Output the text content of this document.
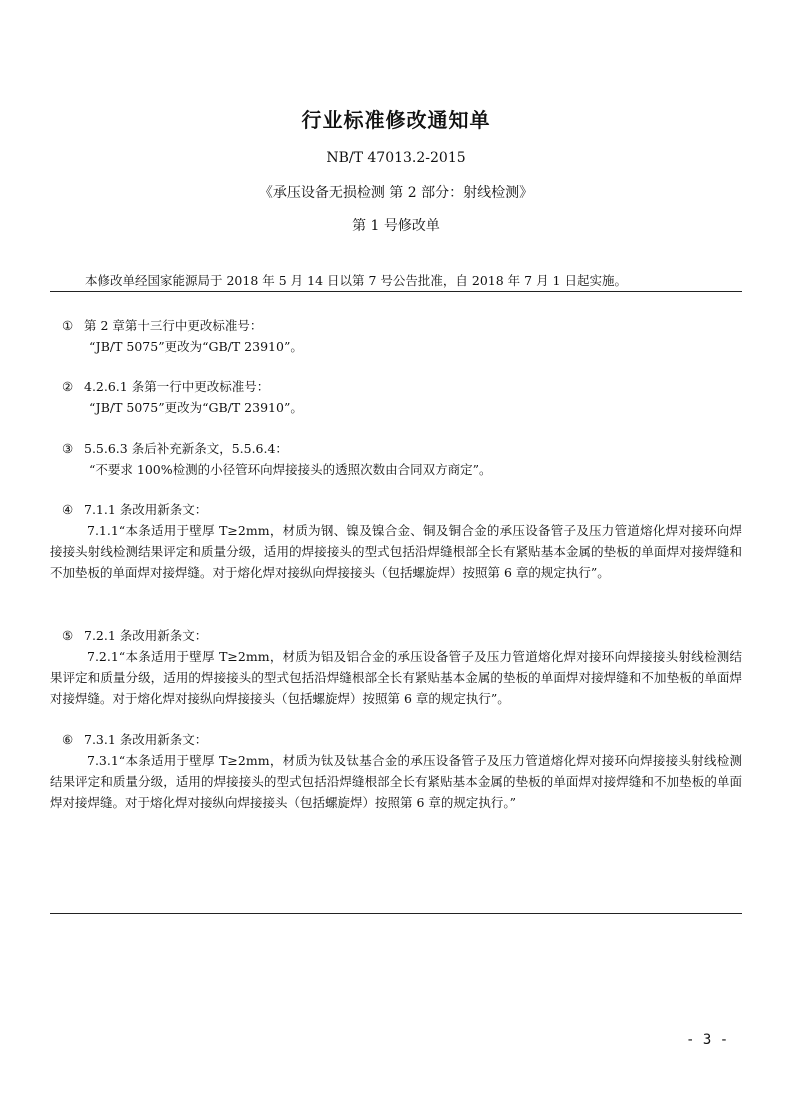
行业标准修改通知单
NB/T 47013.2-2015
《承压设备无损检测 第 2 部分：射线检测》
第 1 号修改单
本修改单经国家能源局于 2018 年 5 月 14 日以第 7 号公告批准，自 2018 年 7 月 1 日起实施。
① 第 2 章第十三行中更改标准号：
“JB/T 5075”更改为“GB/T 23910”。
② 4.2.6.1 条第一行中更改标准号：
“JB/T 5075”更改为“GB/T 23910”。
③ 5.5.6.3 条后补充新条文，5.5.6.4：
“不要求 100%检测的小径管环向焊接接头的透照次数由合同双方商定”。
④ 7.1.1 条改用新条文：
7.1.1“本条适用于壁厚 T≥2mm，材质为钢、镍及镍合金、铜及铜合金的承压设备管子及压力管道熔化焊对接环向焊接接头射线检测结果评定和质量分级，适用的焊接接头的型式包括沿焊缝根部全长有紧贴基本金属的垫板的单面焊对接焊缝和不加垫板的单面焊对接焊缝。对于熔化焊对接纵向焊接接头（包括螺旋焊）按照第 6 章的规定执行”。
⑤ 7.2.1 条改用新条文：
7.2.1“本条适用于壁厚 T≥2mm，材质为铝及铝合金的承压设备管子及压力管道熔化焊对接环向焊接接头射线检测结果评定和质量分级，适用的焊接接头的型式包括沿焊缝根部全长有紧贴基本金属的垫板的单面焊对接焊缝和不加垫板的单面焊对接焊缝。对于熔化焊对接纵向焊接接头（包括螺旋焊）按照第 6 章的规定执行”。
⑥ 7.3.1 条改用新条文：
7.3.1“本条适用于壁厚 T≥2mm，材质为钛及钛基合金的承压设备管子及压力管道熔化焊对接环向焊接接头射线检测结果评定和质量分级，适用的焊接接头的型式包括沿焊缝根部全长有紧贴基本金属的垫板的单面焊对接焊缝和不加垫板的单面焊对接焊缝。对于熔化焊对接纵向焊接接头（包括螺旋焊）按照第 6 章的规定执行。”
- 3 -
